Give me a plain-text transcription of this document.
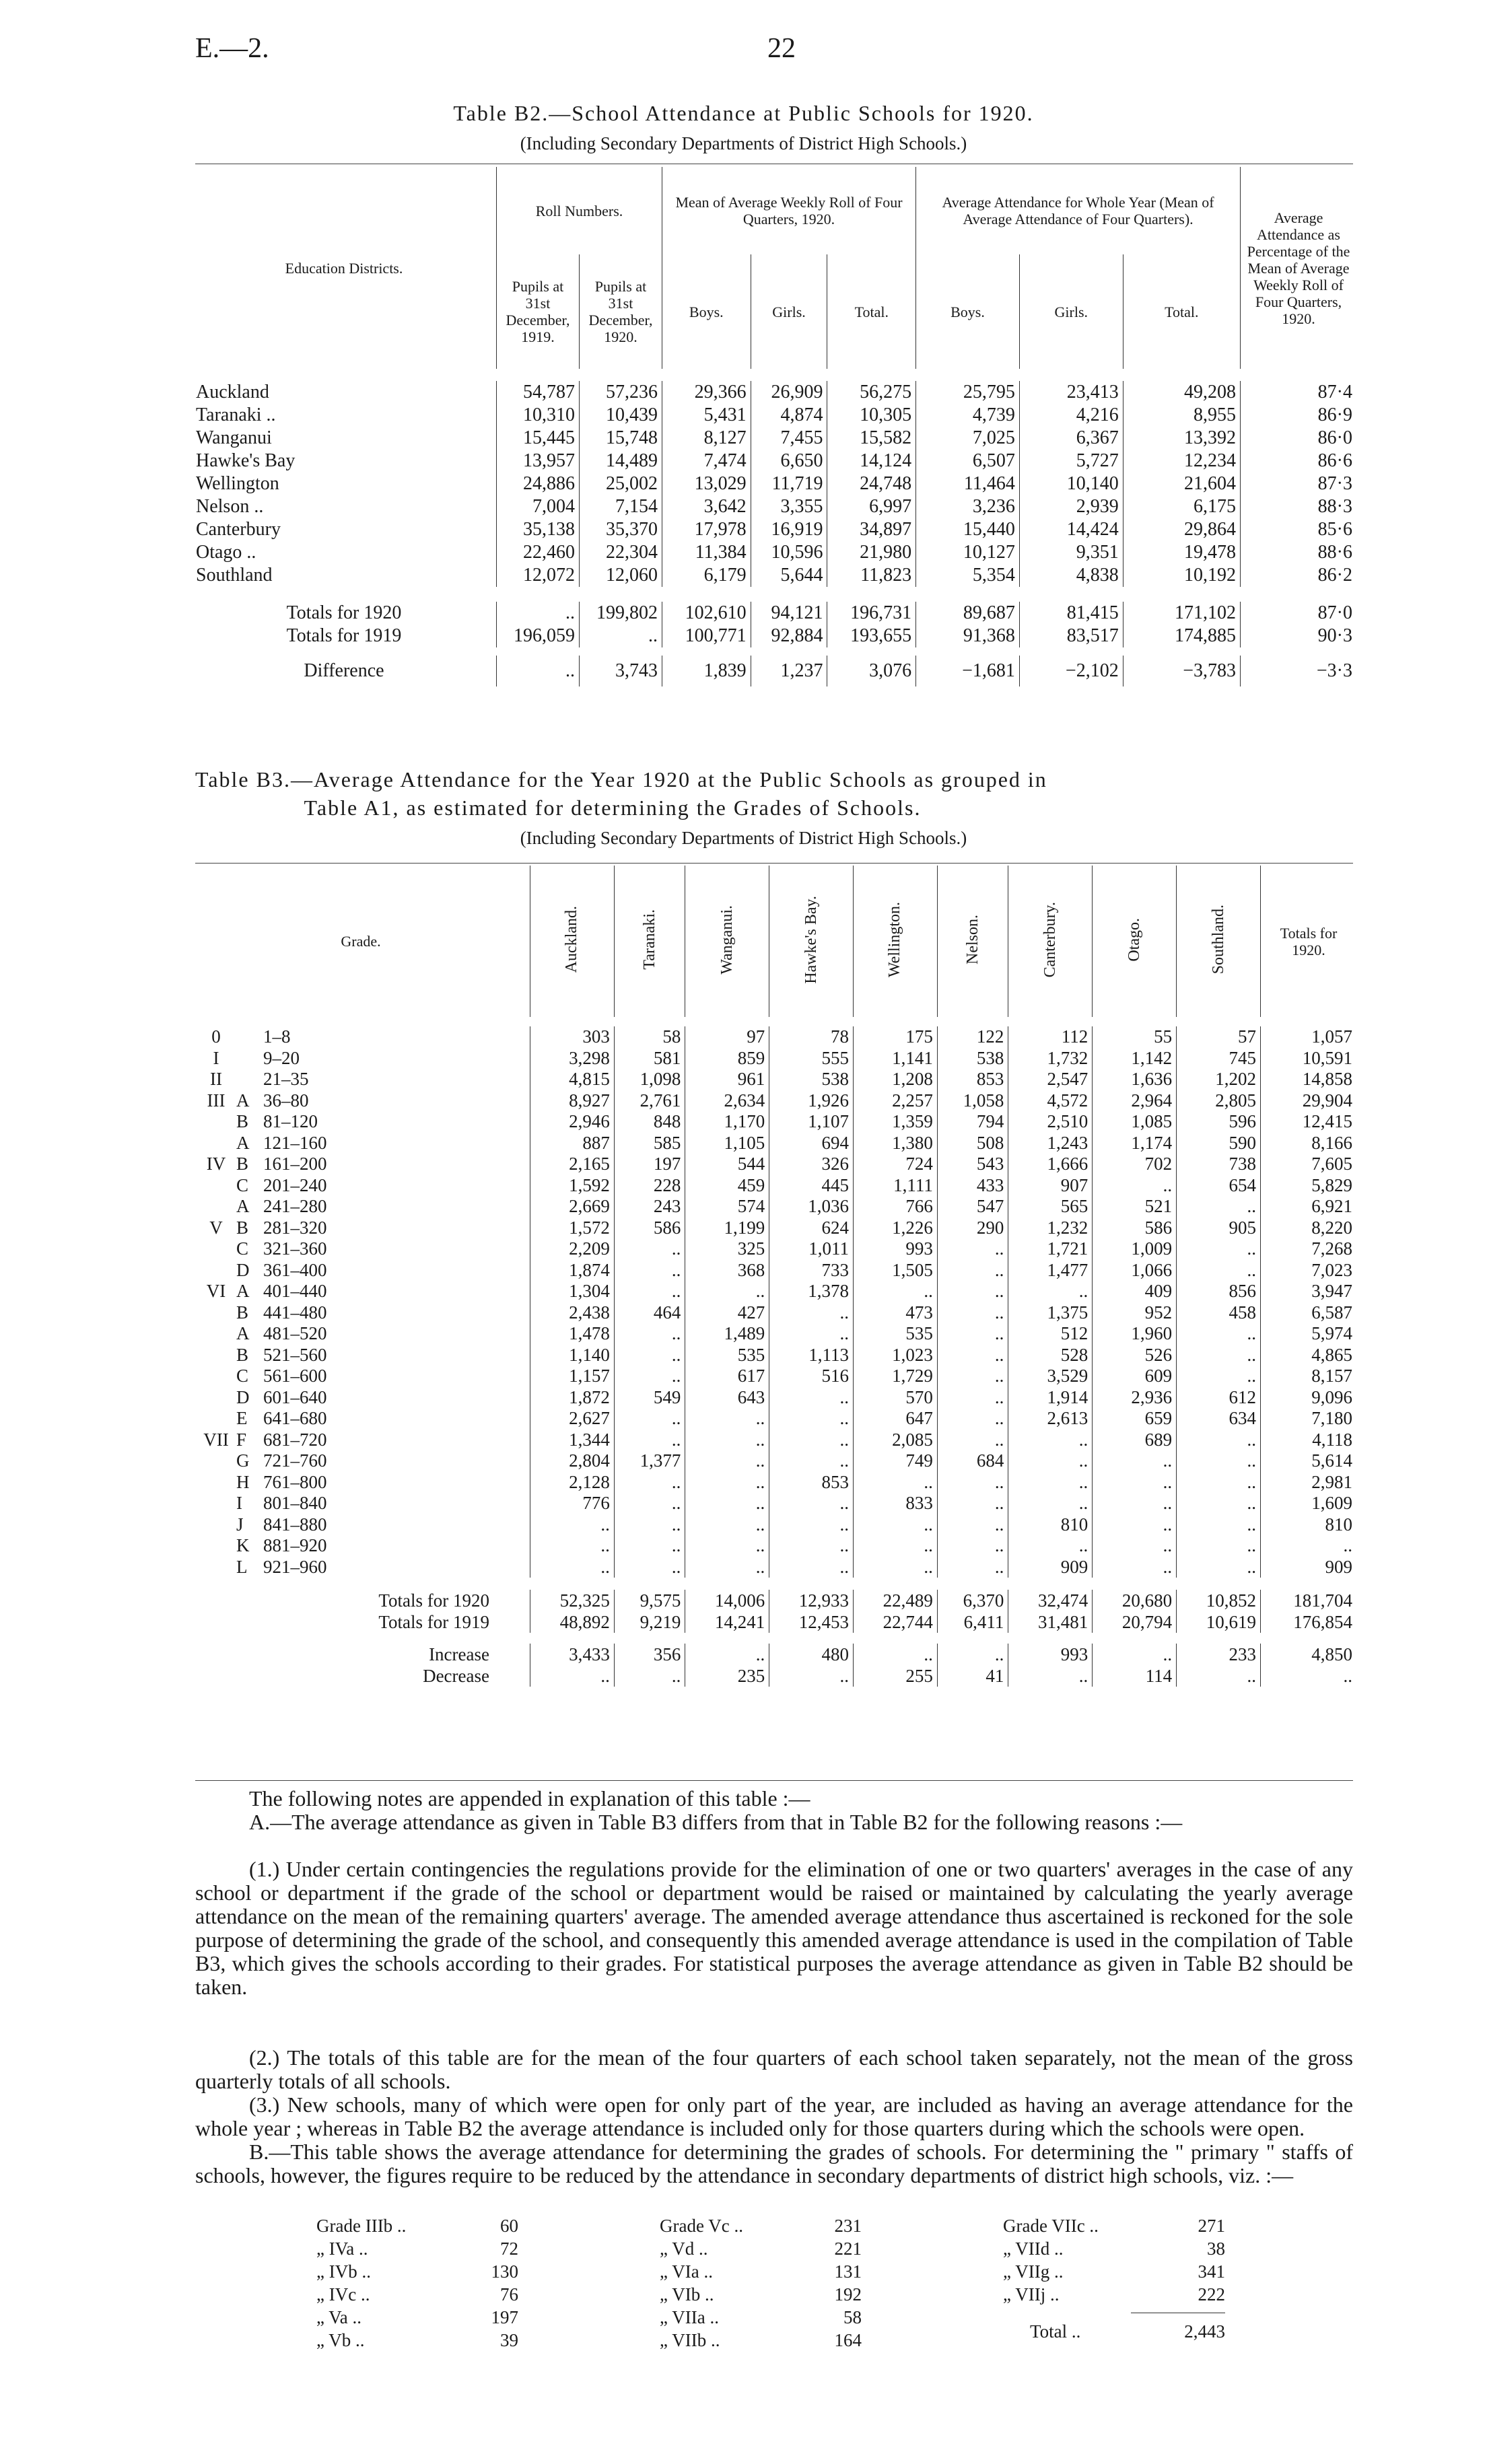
E.—2.	22
Table B2.—School Attendance at Public Schools for 1920.
(Including Secondary Departments of District High Schools.)
Education Districts.	Roll Numbers.		Mean of Average Weekly Roll of Four Quarters, 1920.			Average Attendance for Whole Year (Mean of Average Attendance of Four Quarters).			Average Attendance as Percentage of the Mean of Average Weekly Roll of Four Quarters, 1920.
	Pupils at 31st December, 1919.	Pupils at 31st December, 1920.	Boys.	Girls.	Total.	Boys.	Girls.	Total.	

Auckland	54,787	57,236	29,366	26,909	56,275	25,795	23,413	49,208	87·4
Taranaki ..	10,310	10,439	5,431	4,874	10,305	4,739	4,216	8,955	86·9
Wanganui	15,445	15,748	8,127	7,455	15,582	7,025	6,367	13,392	86·0
Hawke's Bay	13,957	14,489	7,474	6,650	14,124	6,507	5,727	12,234	86·6
Wellington	24,886	25,002	13,029	11,719	24,748	11,464	10,140	21,604	87·3
Nelson ..	7,004	7,154	3,642	3,355	6,997	3,236	2,939	6,175	88·3
Canterbury	35,138	35,370	17,978	16,919	34,897	15,440	14,424	29,864	85·6
Otago ..	22,460	22,304	11,384	10,596	21,980	10,127	9,351	19,478	88·6
Southland	12,072	12,060	6,179	5,644	11,823	5,354	4,838	10,192	86·2

Totals for 1920	..	199,802	102,610	94,121	196,731	89,687	81,415	171,102	87·0
Totals for 1919	196,059	..	100,771	92,884	193,655	91,368	83,517	174,885	90·3

Difference	..	3,743	1,839	1,237	3,076	−1,681	−2,102	−3,783	−3·3
Table B3.—Average Attendance for the Year 1920 at the Public Schools as grouped in
Table A1, as estimated for determining the Grades of Schools.
(Including Secondary Departments of District High Schools.)
Grade.	Auckland.	Taranaki.	Wanganui.	Hawke's Bay.	Wellington.	Nelson.	Canterbury.	Otago.	Southland.	Totals for 1920.

0 1–8	303	58	97	78	175	122	112	55	57	1,057
I 9–20	3,298	581	859	555	1,141	538	1,732	1,142	745	10,591
II 21–35	4,815	1,098	961	538	1,208	853	2,547	1,636	1,202	14,858
III A 36–80	8,927	2,761	2,634	1,926	2,257	1,058	4,572	2,964	2,805	29,904
B 81–120	2,946	848	1,170	1,107	1,359	794	2,510	1,085	596	12,415
A 121–160	887	585	1,105	694	1,380	508	1,243	1,174	590	8,166
IV B 161–200	2,165	197	544	326	724	543	1,666	702	738	7,605
C 201–240	1,592	228	459	445	1,111	433	907	..	654	5,829
A 241–280	2,669	243	574	1,036	766	547	565	521	..	6,921
V B 281–320	1,572	586	1,199	624	1,226	290	1,232	586	905	8,220
C 321–360	2,209	..	325	1,011	993	..	1,721	1,009	..	7,268
D 361–400	1,874	..	368	733	1,505	..	1,477	1,066	..	7,023
VI A 401–440	1,304	..	..	1,378	..	..	..	409	856	3,947
B 441–480	2,438	464	427	..	473	..	1,375	952	458	6,587
A 481–520	1,478	..	1,489	..	535	..	512	1,960	..	5,974
B 521–560	1,140	..	535	1,113	1,023	..	528	526	..	4,865
C 561–600	1,157	..	617	516	1,729	..	3,529	609	..	8,157
D 601–640	1,872	549	643	..	570	..	1,914	2,936	612	9,096
E 641–680	2,627	..	..	..	647	..	2,613	659	634	7,180
VII F 681–720	1,344	..	..	..	2,085	..	..	689	..	4,118
G 721–760	2,804	1,377	..	..	749	684	..	..	..	5,614
H 761–800	2,128	..	..	853	..	..	..	..	..	2,981
I 801–840	776	..	..	..	833	..	..	..	..	1,609
J 841–880	..	..	..	..	..	..	810	..	..	810
K 881–920	..	..	..	..	..	..	..	..	..	..
L 921–960	..	..	..	..	..	..	909	..	..	909

Totals for 1920	52,325	9,575	14,006	12,933	22,489	6,370	32,474	20,680	10,852	181,704
Totals for 1919	48,892	9,219	14,241	12,453	22,744	6,411	31,481	20,794	10,619	176,854

Increase	3,433	356	..	480	..	..	993	..	233	4,850
Decrease	..	..	235	..	255	41	..	114	..	..
The following notes are appended in explanation of this table :—
A.—The average attendance as given in Table B3 differs from that in Table B2 for the following reasons :—
(1.) Under certain contingencies the regulations provide for the elimination of one or two quarters' averages in the case of any school or department if the grade of the school or department would be raised or maintained by calculating the yearly average attendance on the mean of the remaining quarters' average. The amended average attendance thus ascertained is reckoned for the sole purpose of determining the grade of the school, and consequently this amended average attendance is used in the compilation of Table B3, which gives the schools according to their grades. For statistical purposes the average attendance as given in Table B2 should be taken.
(2.) The totals of this table are for the mean of the four quarters of each school taken separately, not the mean of the gross quarterly totals of all schools.
(3.) New schools, many of which were open for only part of the year, are included as having an average attendance for the whole year ; whereas in Table B2 the average attendance is included only for those quarters during which the schools were open.
B.—This table shows the average attendance for determining the grades of schools. For determining the " primary " staffs of schools, however, the figures require to be reduced by the attendance in secondary departments of district high schools, viz. :—
Grade IIIb ..	60
„ IVa ..	72
„ IVb ..	130
„ IVc ..	76
„ Va ..	197
„ Vb ..	39
Grade Vc ..	231
„ Vd ..	221
„ VIa ..	131
„ VIb ..	192
„ VIIa ..	58
„ VIIb ..	164
Grade VIIc ..	271
„ VIId ..	38
„ VIIg ..	341
„ VIIj ..	222
Total ..	2,443
